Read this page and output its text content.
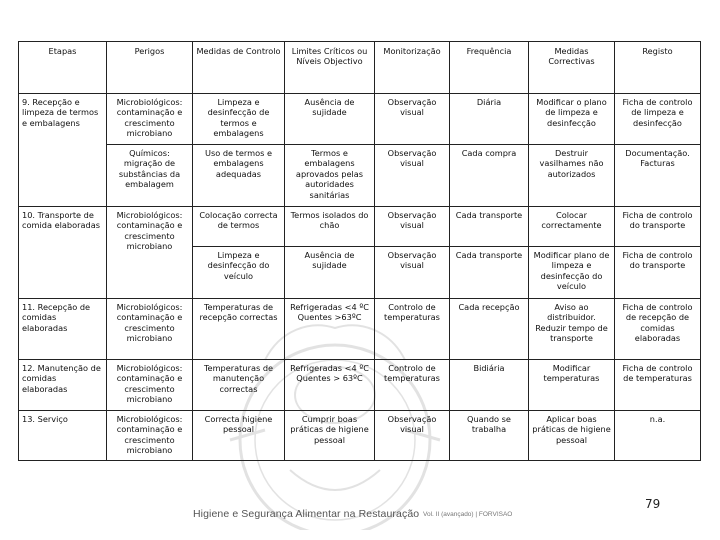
Etapas	Perigos	Medidas de Controlo	Limites Críticos ou Níveis Objectivo	Monitorização	Frequência	Medidas Correctivas	Registo
9. Recepção e limpeza de termos e embalagens	Microbiológicos: contaminação e crescimento microbiano	Limpeza e desinfecção de termos e embalagens	Ausência de sujidade	Observação visual	Diária	Modificar o plano de limpeza e desinfecção	Ficha de controlo de limpeza e desinfecção
	Químicos: migração de substâncias da embalagem	Uso de termos e embalagens adequadas	Termos e embalagens aprovados pelas autoridades sanitárias	Observação visual	Cada compra	Destruir vasilhames não autorizados	Documentação. Facturas
10. Transporte de comida elaboradas	Microbiológicos: contaminação e crescimento microbiano	Colocação correcta de termos	Termos isolados do chão	Observação visual	Cada transporte	Colocar correctamente	Ficha de controlo do transporte
		Limpeza e desinfecção do veículo	Ausência de sujidade	Observação visual	Cada transporte	Modificar plano de limpeza e desinfecção do veículo	Ficha de controlo do transporte
11. Recepção de comidas elaboradas	Microbiológicos: contaminação e crescimento microbiano	Temperaturas de recepção correctas	Refrigeradas <4 ºC Quentes >63ºC	Controlo de temperaturas	Cada recepção	Aviso ao distribuidor. Reduzir tempo de transporte	Ficha de controlo de recepção de comidas elaboradas
12. Manutenção de comidas elaboradas	Microbiológicos: contaminação e crescimento microbiano	Temperaturas de manutenção correctas	Refrigeradas <4 ºC Quentes > 63ºC	Controlo de temperaturas	Bidiária	Modificar temperaturas	Ficha de controlo de temperaturas
13. Serviço	Microbiológicos: contaminação e crescimento microbiano	Correcta higiene pessoal	Cumprir boas práticas de higiene pessoal	Observação visual	Quando se trabalha	Aplicar boas práticas de higiene pessoal	n.a.
79
Higiene e Segurança Alimentar na Restauração Vol. II (avançado) | FORVISAO
